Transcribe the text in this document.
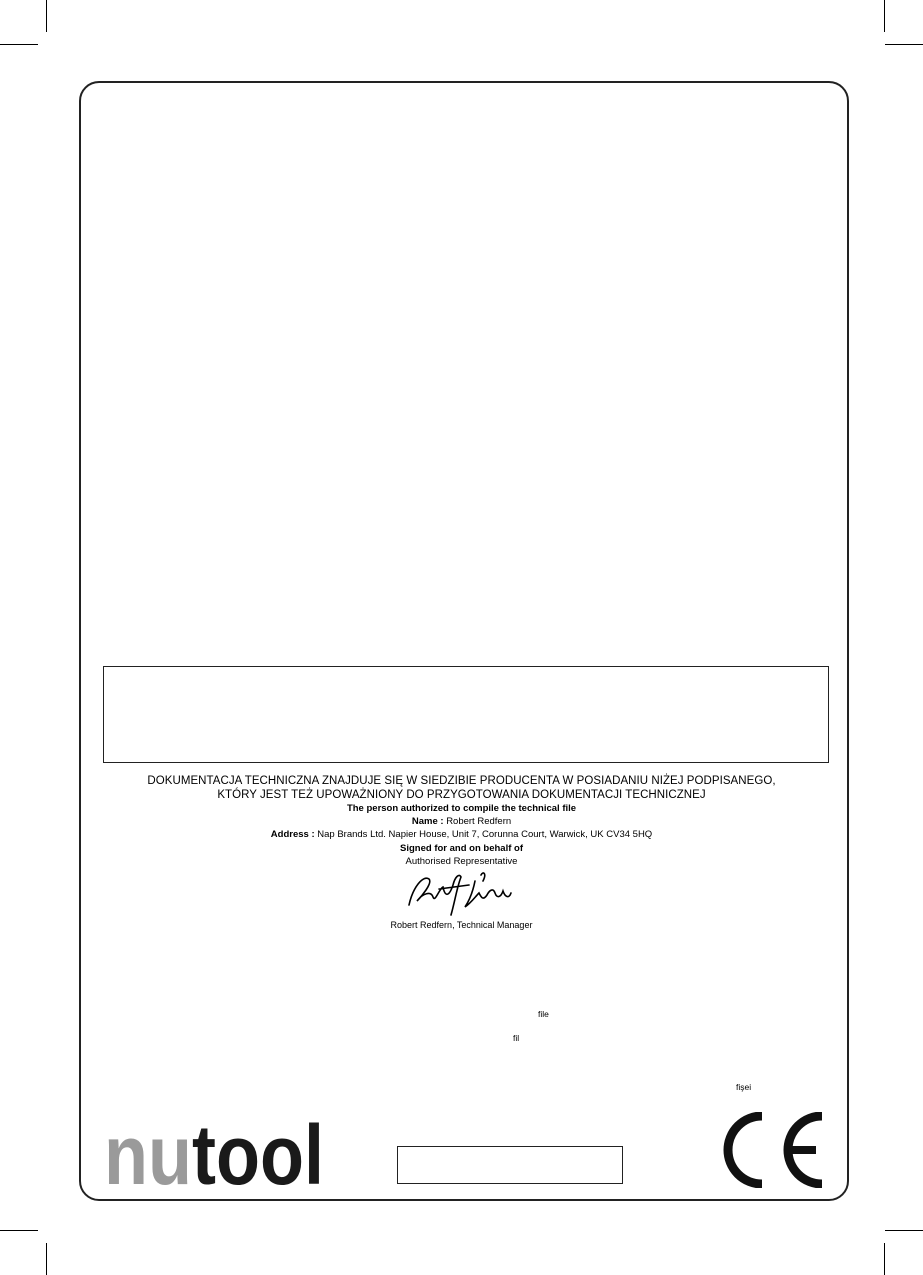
DOKUMENTACJA TECHNICZNA ZNAJDUJE SIĘ W SIEDZIBIE PRODUCENTA W POSIADANIU NIŻEJ PODPISANEGO,
KTÓRY JEST TEŻ UPOWAŻNIONY DO PRZYGOTOWANIA DOKUMENTACJI TECHNICZNEJ
The person authorized to compile the technical file
Name : Robert Redfern
Address : Nap Brands Ltd. Napier House, Unit 7, Corunna Court, Warwick, UK CV34 5HQ
Signed for and on behalf of
Authorised Representative
Robert Redfern, Technical Manager
file
fil
fişei
nu tool
